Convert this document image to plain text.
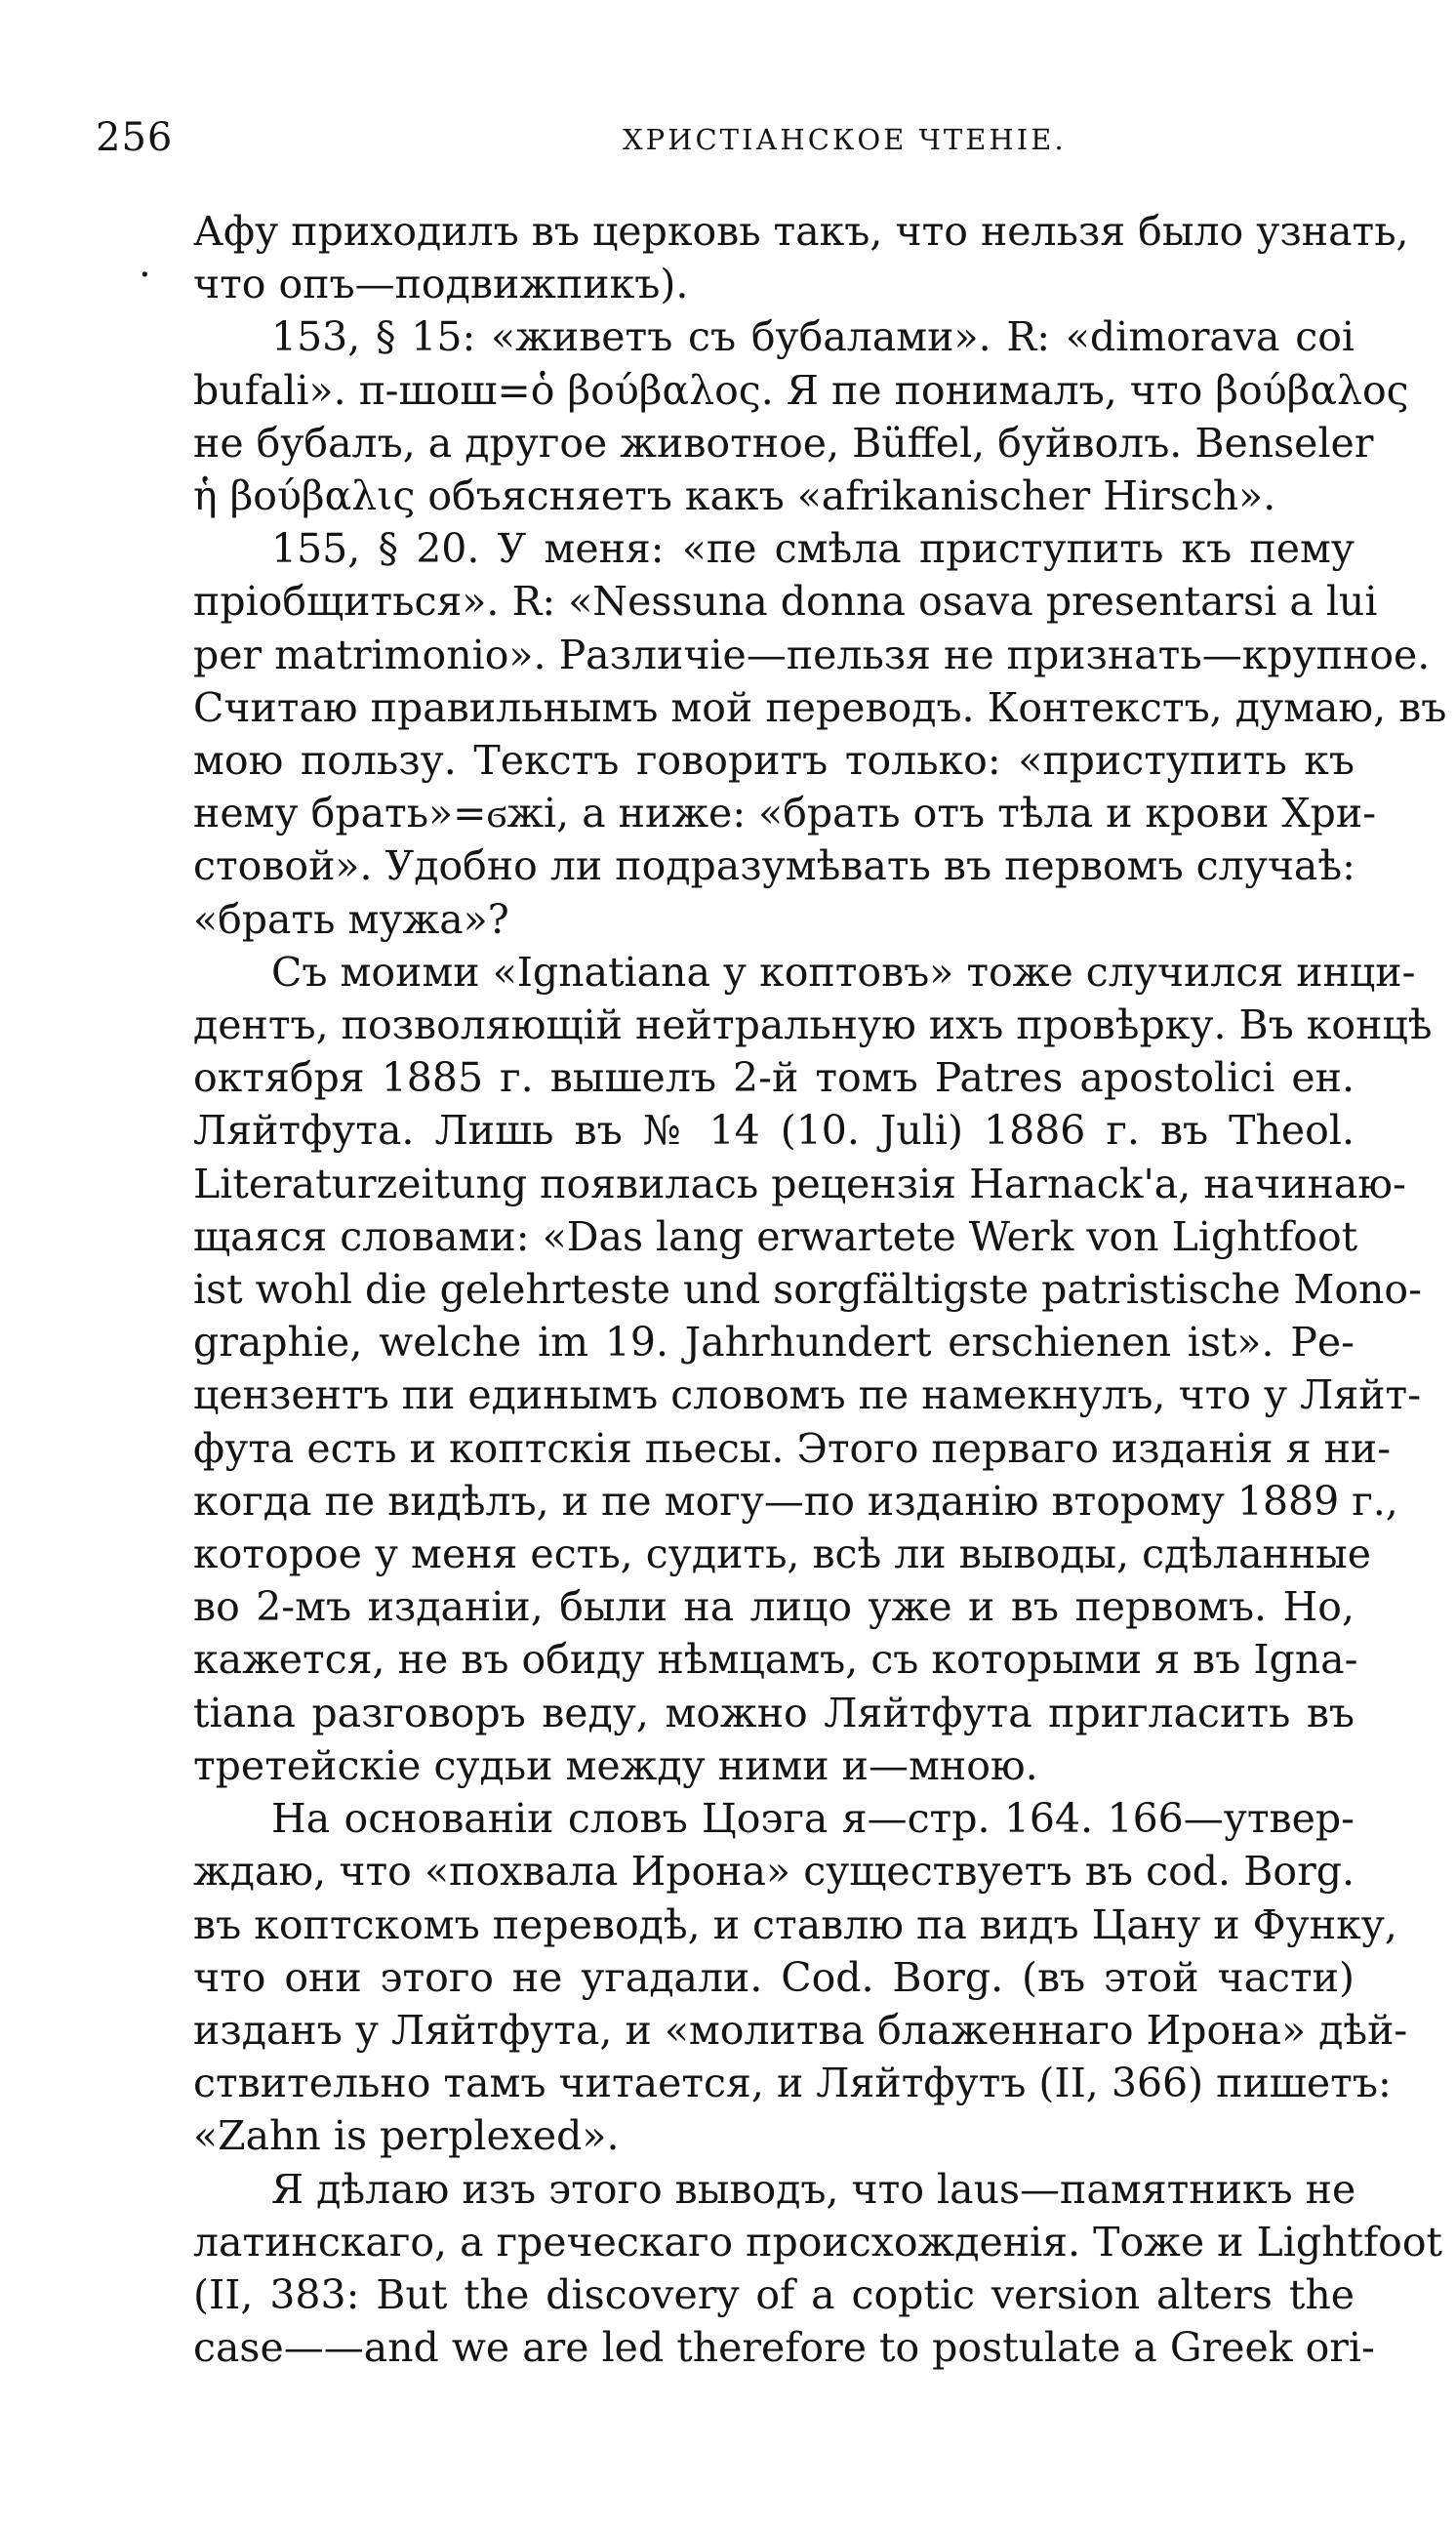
256	ХРИСТІАНСКОЕ ЧТЕНІЕ.
.

Афу приходилъ въ церковь такъ, что нельзя было узнать,
что опъ—подвижпикъ).

153, § 15: «живетъ съ бубалами». R: «dimorava coi
bufali». π-шош=ὁ βούβαλος. Я пе понималъ, что βούβαλος
не бубалъ, а другое животное, Büffel, буйволъ. Benseler
ἡ βούβαλις объясняетъ какъ «afrikanischer Hirsch».

155, § 20. У меня: «пе смѣла приступить къ пему
пріобщиться». R: «Nessuna donna osava presentarsi a lui
per matrimonio». Различіе—пельзя не признать—крупное.
Считаю правильнымъ мой переводъ. Контекстъ, думаю, въ
мою пользу. Текстъ говоритъ только: «приступить къ
нему брать»=ϭжі, а ниже: «брать отъ тѣла и крови Хри-
стовой». Удобно ли подразумѣвать въ первомъ случаѣ:
«брать мужа»?

Съ моими «Ignatiana у коптовъ» тоже случился инци-
дентъ, позволяющій нейтральную ихъ провѣрку. Въ концѣ
октября 1885 г. вышелъ 2-й томъ Patres apostolici ен.
Ляйтфута. Лишь въ № 14 (10. Juli) 1886 г. въ Theol.
Literaturzeitung появилась рецензія Harnack'а, начинаю-
щаяся словами: «Das lang erwartete Werk von Lightfoot
ist wohl die gelehrteste und sorgfältigste patristische Mono-
graphie, welche im 19. Jahrhundert erschienen ist». Ре-
цензентъ пи единымъ словомъ пе намекнулъ, что у Ляйт-
фута есть и коптскія пьесы. Этого перваго изданія я ни-
когда пе видѣлъ, и пе могу—по изданію второму 1889 г.,
которое у меня есть, судить, всѣ ли выводы, сдѣланные
во 2-мъ изданіи, были на лицо уже и въ первомъ. Но,
кажется, не въ обиду нѣмцамъ, съ которыми я въ Igna-
tiana разговоръ веду, можно Ляйтфута пригласить въ
третейскіе судьи между ними и—мною.

На основаніи словъ Цоэга я—стр. 164. 166—утвер-
ждаю, что «похвала Ирона» существуетъ въ cod. Borg.
въ коптскомъ переводѣ, и ставлю па видъ Цану и Функу,
что они этого не угадали. Cod. Borg. (въ этой части)
изданъ у Ляйтфута, и «молитва блаженнаго Ирона» дѣй-
ствительно тамъ читается, и Ляйтфутъ (II, 366) пишетъ:
«Zahn is perplexed».

Я дѣлаю изъ этого выводъ, что laus—памятникъ не
латинскаго, а греческаго происхожденія. Тоже и Lightfoot
(II, 383: But the discovery of a coptic version alters the
case——and we are led therefore to postulate a Greek ori-
